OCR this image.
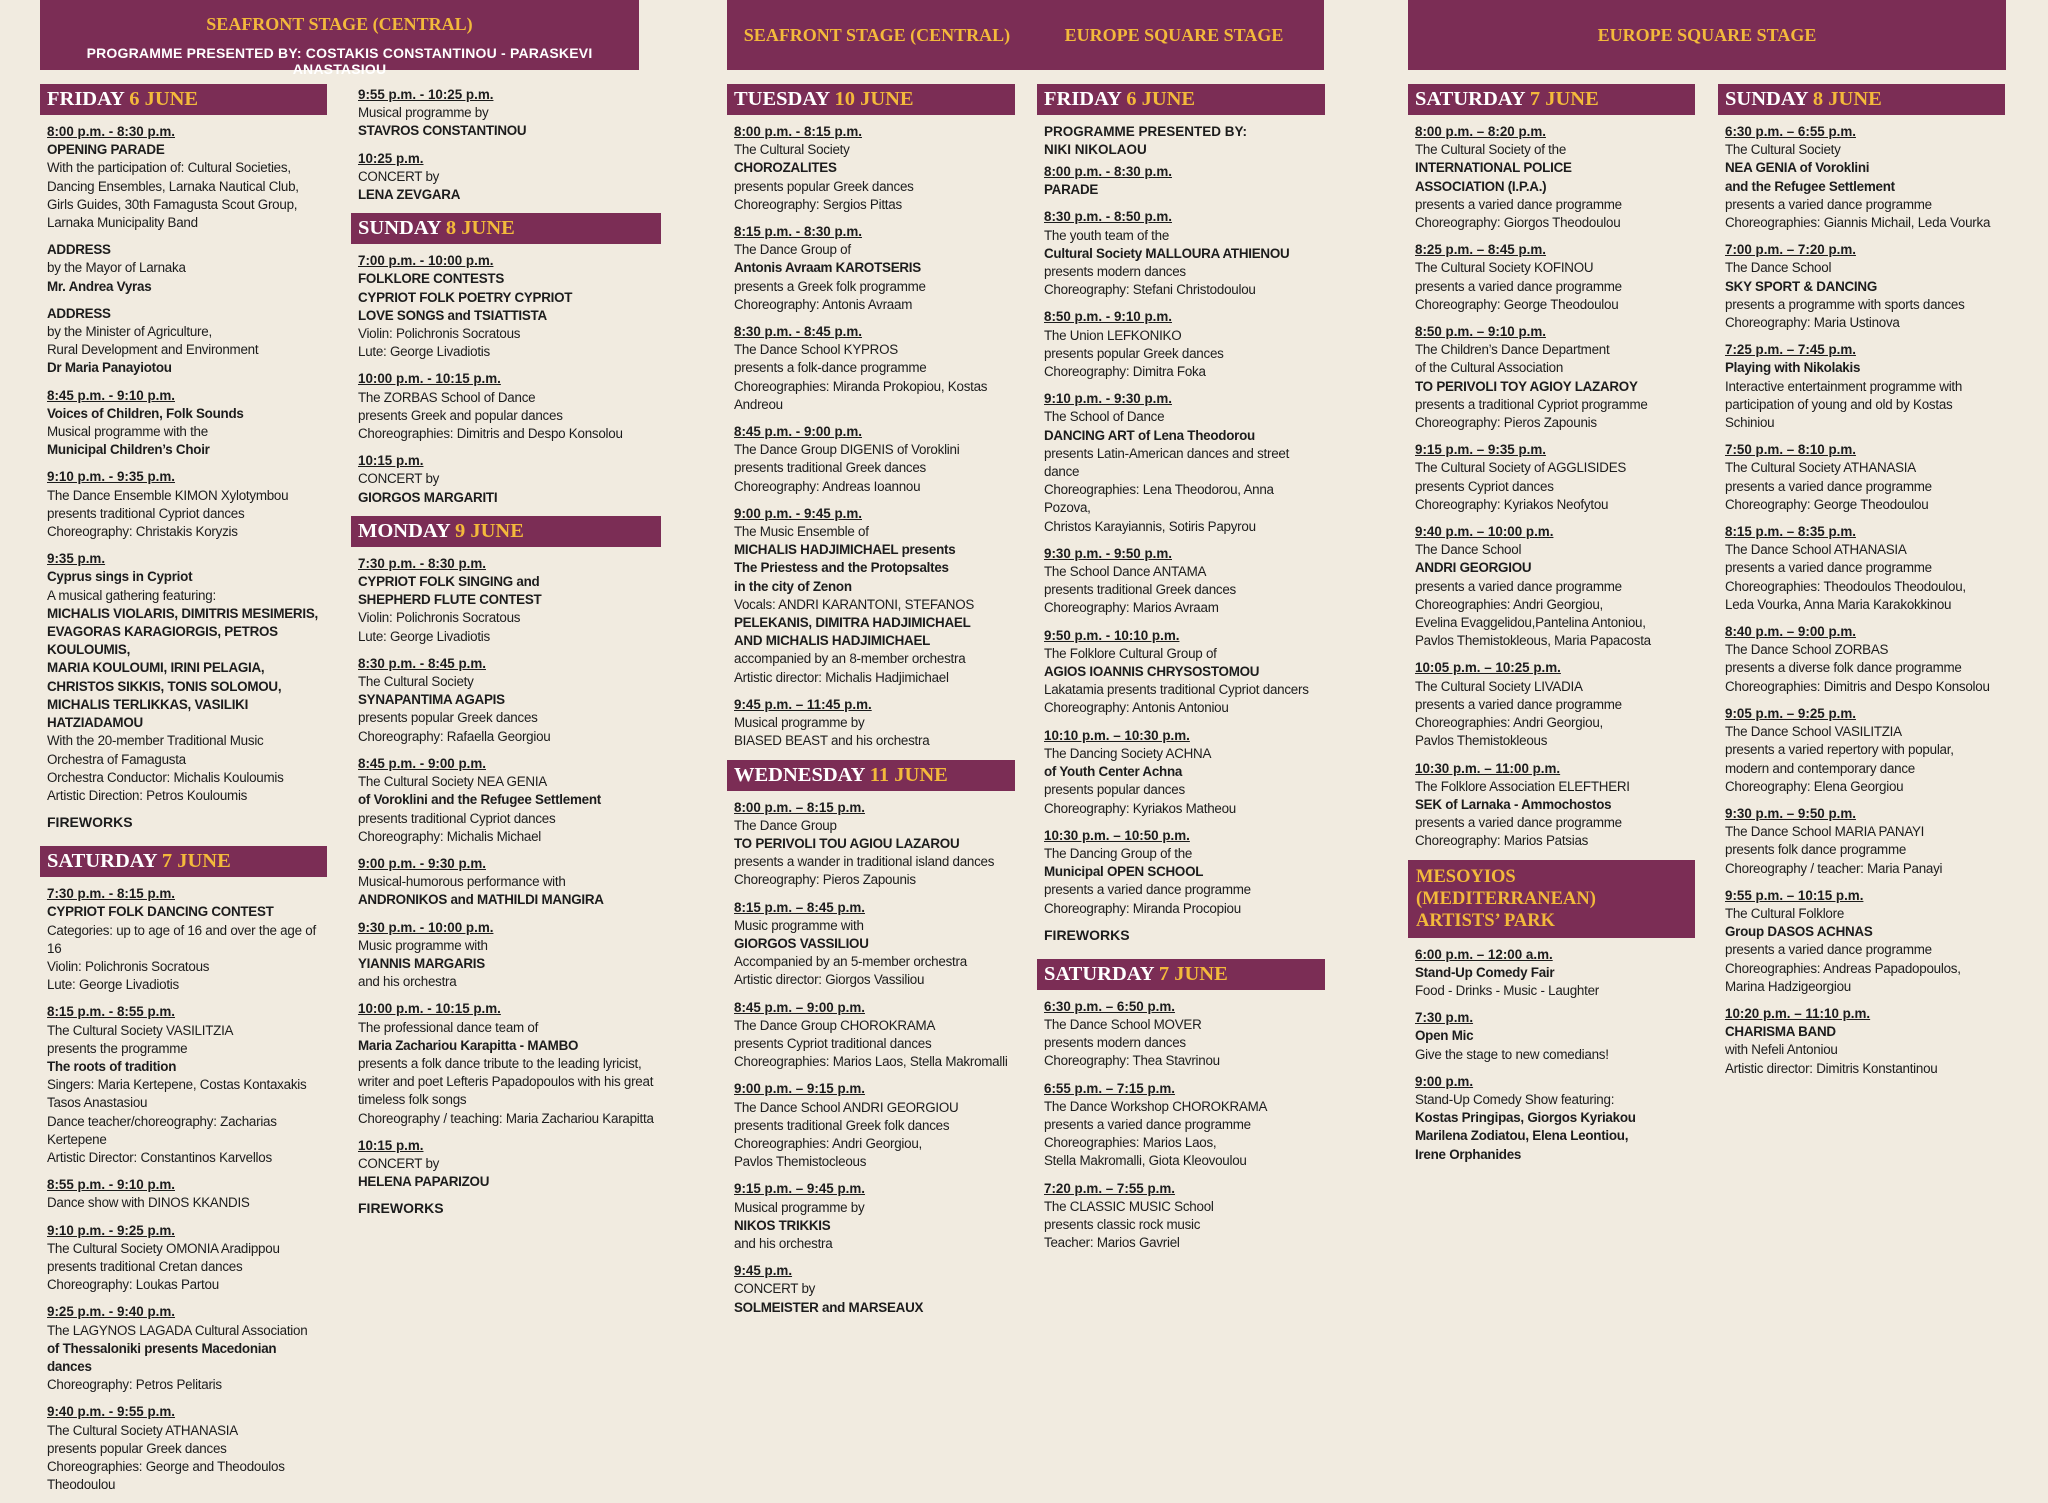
SEAFRONT STAGE (CENTRAL)
PROGRAMME PRESENTED BY: COSTAKIS CONSTANTINOU - PARASKEVI ANASTASIOU
SEAFRONT STAGE (CENTRAL)	EUROPE SQUARE STAGE	EUROPE SQUARE STAGE
FRIDAY 6 JUNE
8:00 p.m. - 8:30 p.m.
OPENING PARADE
With the participation of: Cultural Societies,
Dancing Ensembles, Larnaka Nautical Club,
Girls Guides, 30th Famagusta Scout Group,
Larnaka Municipality Band
ADDRESS
by the Mayor of Larnaka
Mr. Andrea Vyras
ADDRESS
by the Minister of Agriculture,
Rural Development and Environment
Dr Maria Panayiotou
8:45 p.m. - 9:10 p.m.
Voices of Children, Folk Sounds
Musical programme with the
Municipal Children’s Choir
9:10 p.m. - 9:35 p.m.
The Dance Ensemble KIMON Xylotymbou
presents traditional Cypriot dances
Choreography: Christakis Koryzis
9:35 p.m.
Cyprus sings in Cypriot
A musical gathering featuring:
MICHALIS VIOLARIS, DIMITRIS MESIMERIS,
EVAGORAS KARAGIORGIS, PETROS KOULOUMIS,
MARIA KOULOUMI, IRINI PELAGIA,
CHRISTOS SIKKIS, TONIS SOLOMOU,
MICHALIS TERLIKKAS, VASILIKI HATZIADAMOU
With the 20-member Traditional Music
Orchestra of Famagusta
Orchestra Conductor: Michalis Kouloumis
Artistic Direction: Petros Kouloumis
FIREWORKS
SATURDAY 7 JUNE
7:30 p.m. - 8:15 p.m.
CYPRIOT FOLK DANCING CONTEST
Categories: up to age of 16 and over the age of 16
Violin: Polichronis Socratous
Lute: George Livadiotis
8:15 p.m. - 8:55 p.m.
The Cultural Society VASILITZIA
presents the programme
The roots of tradition
Singers: Maria Kertepene, Costas Kontaxakis
Tasos Anastasiou
Dance teacher/choreography: Zacharias Kertepene
Artistic Director: Constantinos Karvellos
8:55 p.m. - 9:10 p.m.
Dance show with DINOS KKANDIS
9:10 p.m. - 9:25 p.m.
The Cultural Society OMONIA Aradippou
presents traditional Cretan dances
Choreography: Loukas Partou
9:25 p.m. - 9:40 p.m.
The LAGYNOS LAGADA Cultural Association
of Thessaloniki presents Macedonian dances
Choreography: Petros Pelitaris
9:40 p.m. - 9:55 p.m.
The Cultural Society ATHANASIA
presents popular Greek dances
Choreographies: George and Theodoulos Theodoulou
9:55 p.m. - 10:25 p.m.
Musical programme by
STAVROS CONSTANTINOU
10:25 p.m.
CONCERT by
LENA ZEVGARA
SUNDAY 8 JUNE
7:00 p.m. - 10:00 p.m.
FOLKLORE CONTESTS
CYPRIOT FOLK POETRY CYPRIOT
LOVE SONGS and TSIATTISTA
Violin: Polichronis Socratous
Lute: George Livadiotis
10:00 p.m. - 10:15 p.m.
The ZORBAS School of Dance
presents Greek and popular dances
Choreographies: Dimitris and Despo Konsolou
10:15 p.m.
CONCERT by
GIORGOS MARGARITI
MONDAY 9 JUNE
7:30 p.m. - 8:30 p.m.
CYPRIOT FOLK SINGING and
SHEPHERD FLUTE CONTEST
Violin: Polichronis Socratous
Lute: George Livadiotis
8:30 p.m. - 8:45 p.m.
The Cultural Society
SYNAPANTIMA AGAPIS
presents popular Greek dances
Choreography: Rafaella Georgiou
8:45 p.m. - 9:00 p.m.
The Cultural Society NEA GENIA
of Voroklini and the Refugee Settlement
presents traditional Cypriot dances
Choreography: Michalis Michael
9:00 p.m. - 9:30 p.m.
Musical-humorous performance with
ANDRONIKOS and MATHILDI MANGIRA
9:30 p.m. - 10:00 p.m.
Music programme with
YIANNIS MARGARIS
and his orchestra
10:00 p.m. - 10:15 p.m.
The professional dance team of
Maria Zachariou Karapitta - MAMBO
presents a folk dance tribute to the leading lyricist,
writer and poet Lefteris Papadopoulos with his great
timeless folk songs
Choreography / teaching: Maria Zachariou Karapitta
10:15 p.m.
CONCERT by
HELENA PAPARIZOU
FIREWORKS
TUESDAY 10 JUNE
8:00 p.m. - 8:15 p.m.
The Cultural Society
CHOROZALITES
presents popular Greek dances
Choreography: Sergios Pittas
8:15 p.m. - 8:30 p.m.
The Dance Group of
Antonis Avraam KAROTSERIS
presents a Greek folk programme
Choreography: Antonis Avraam
8:30 p.m. - 8:45 p.m.
The Dance School KYPROS
presents a folk-dance programme
Choreographies: Miranda Prokopiou, Kostas Andreou
8:45 p.m. - 9:00 p.m.
The Dance Group DIGENIS of Voroklini
presents traditional Greek dances
Choreography: Andreas Ioannou
9:00 p.m. - 9:45 p.m.
The Music Ensemble of
MICHALIS HADJIMICHAEL presents
The Priestess and the Protopsaltes
in the city of Zenon
Vocals: ANDRI KARANTONI, STEFANOS
PELEKANIS, DIMITRA HADJIMICHAEL
AND MICHALIS HADJIMICHAEL
accompanied by an 8-member orchestra
Artistic director: Michalis Hadjimichael
9:45 p.m. – 11:45 p.m.
Musical programme by
BIASED BEAST and his orchestra
WEDNESDAY 11 JUNE
8:00 p.m. – 8:15 p.m.
The Dance Group
TO PERIVOLI TOU AGIOU LAZAROU
presents a wander in traditional island dances
Choreography: Pieros Zapounis
8:15 p.m. – 8:45 p.m.
Music programme with
GIORGOS VASSILIOU
Accompanied by an 5-member orchestra
Artistic director: Giorgos Vassiliou
8:45 p.m. – 9:00 p.m.
The Dance Group CHOROKRAMA
presents Cypriot traditional dances
Choreographies: Marios Laos, Stella Makromalli
9:00 p.m. – 9:15 p.m.
The Dance School ANDRI GEORGIOU
presents traditional Greek folk dances
Choreographies: Andri Georgiou,
Pavlos Themistocleous
9:15 p.m. – 9:45 p.m.
Musical programme by
NIKOS TRIKKIS
and his orchestra
9:45 p.m.
CONCERT by
SOLMEISTER and MARSEAUX
FRIDAY 6 JUNE
PROGRAMME PRESENTED BY:
NIKI NIKOLAOU
8:00 p.m. - 8:30 p.m.
PARADE
8:30 p.m. - 8:50 p.m.
The youth team of the
Cultural Society MALLOURA ATHIENOU
presents modern dances
Choreography: Stefani Christodoulou
8:50 p.m. - 9:10 p.m.
The Union LEFKONIKO
presents popular Greek dances
Choreography: Dimitra Foka
9:10 p.m. - 9:30 p.m.
The School of Dance
DANCING ART of Lena Theodorou
presents Latin-American dances and street dance
Choreographies: Lena Theodorou, Anna Pozova,
Christos Karayiannis, Sotiris Papyrou
9:30 p.m. - 9:50 p.m.
The School Dance ANTAMA
presents traditional Greek dances
Choreography: Marios Avraam
9:50 p.m. - 10:10 p.m.
The Folklore Cultural Group of
AGIOS IOANNIS CHRYSOSTOMOU
Lakatamia presents traditional Cypriot dancers
Choreography: Antonis Antoniou
10:10 p.m. – 10:30 p.m.
The Dancing Society ACHNA
of Youth Center Achna
presents popular dances
Choreography: Kyriakos Matheou
10:30 p.m. – 10:50 p.m.
The Dancing Group of the
Municipal OPEN SCHOOL
presents a varied dance programme
Choreography: Miranda Procopiou
FIREWORKS
SATURDAY 7 JUNE
6:30 p.m. – 6:50 p.m.
The Dance School MOVER
presents modern dances
Choreography: Thea Stavrinou
6:55 p.m. – 7:15 p.m.
The Dance Workshop CHOROKRAMA
presents a varied dance programme
Choreographies: Marios Laos,
Stella Makromalli, Giota Kleovoulou
7:20 p.m. – 7:55 p.m.
The CLASSIC MUSIC School
presents classic rock music
Teacher: Marios Gavriel
SATURDAY 7 JUNE
8:00 p.m. – 8:20 p.m.
The Cultural Society of the
INTERNATIONAL POLICE
ASSOCIATION (I.P.A.)
presents a varied dance programme
Choreography: Giorgos Theodoulou
8:25 p.m. – 8:45 p.m.
The Cultural Society KOFINOU
presents a varied dance programme
Choreography: George Theodoulou
8:50 p.m. – 9:10 p.m.
The Children’s Dance Department
of the Cultural Association
TO PERIVOLI TOY AGIOY LAZAROY
presents a traditional Cypriot programme
Choreography: Pieros Zapounis
9:15 p.m. – 9:35 p.m.
The Cultural Society of AGGLISIDES
presents Cypriot dances
Choreography: Kyriakos Neofytou
9:40 p.m. – 10:00 p.m.
The Dance School
ANDRI GEORGIOU
presents a varied dance programme
Choreographies: Andri Georgiou,
Evelina Evaggelidou,Pantelina Antoniou,
Pavlos Themistokleous, Maria Papacosta
10:05 p.m. – 10:25 p.m.
The Cultural Society LIVADIA
presents a varied dance programme
Choreographies: Andri Georgiou,
Pavlos Themistokleous
10:30 p.m. – 11:00 p.m.
The Folklore Association ELEFTHERI
SEK of Larnaka - Ammochostos
presents a varied dance programme
Choreography: Marios Patsias
MESOYIOS (MEDITERRANEAN)
ARTISTS’ PARK
6:00 p.m. – 12:00 a.m.
Stand-Up Comedy Fair
Food - Drinks - Music - Laughter
7:30 p.m.
Open Mic
Give the stage to new comedians!
9:00 p.m.
Stand-Up Comedy Show featuring:
Kostas Pringipas, Giorgos Kyriakou
Marilena Zodiatou, Elena Leontiou,
Irene Orphanides
SUNDAY 8 JUNE
6:30 p.m. – 6:55 p.m.
The Cultural Society
NEA GENIA of Voroklini
and the Refugee Settlement
presents a varied dance programme
Choreographies: Giannis Michail, Leda Vourka
7:00 p.m. – 7:20 p.m.
The Dance School
SKY SPORT & DANCING
presents a programme with sports dances
Choreography: Maria Ustinova
7:25 p.m. – 7:45 p.m.
Playing with Nikolakis
Interactive entertainment programme with
participation of young and old by Kostas Schiniou
7:50 p.m. – 8:10 p.m.
The Cultural Society ATHANASIA
presents a varied dance programme
Choreography: George Theodoulou
8:15 p.m. – 8:35 p.m.
The Dance School ATHANASIA
presents a varied dance programme
Choreographies: Theodoulos Theodoulou,
Leda Vourka, Anna Maria Karakokkinou
8:40 p.m. – 9:00 p.m.
The Dance School ZORBAS
presents a diverse folk dance programme
Choreographies: Dimitris and Despo Konsolou
9:05 p.m. – 9:25 p.m.
The Dance School VASILITZIA
presents a varied repertory with popular,
modern and contemporary dance
Choreography: Elena Georgiou
9:30 p.m. – 9:50 p.m.
The Dance School MARIA PANAYI
presents folk dance programme
Choreography / teacher: Maria Panayi
9:55 p.m. – 10:15 p.m.
The Cultural Folklore
Group DASOS ACHNAS
presents a varied dance programme
Choreographies: Andreas Papadopoulos,
Marina Hadzigeorgiou
10:20 p.m. – 11:10 p.m.
CHARISMA BAND
with Nefeli Antoniou
Artistic director: Dimitris Konstantinou
